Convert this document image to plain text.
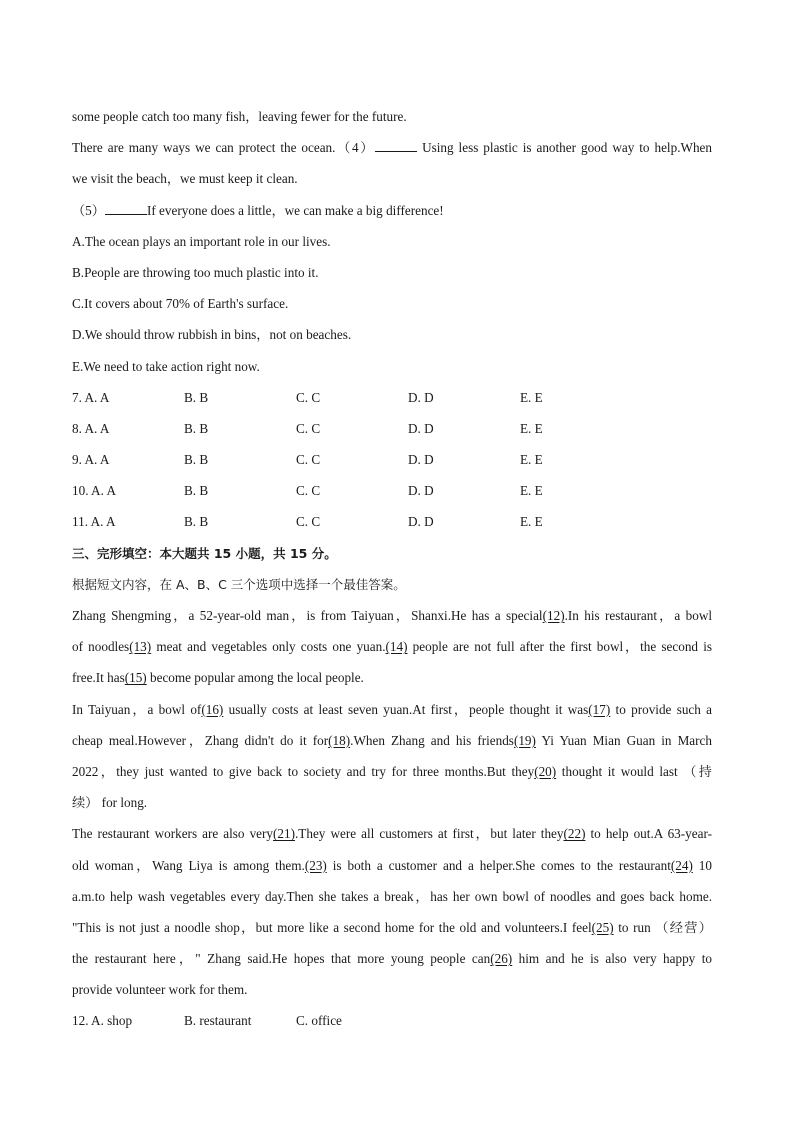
some people catch too many fish，leaving fewer for the future.
There are many ways we can protect the ocean.（4）	Using less plastic is another good way to help.When
we visit the beach，we must keep it clean.
（5）	If everyone does a little，we can make a big difference!
A.The ocean plays an important role in our lives.
B.People are throwing too much plastic into it.
C.It covers about 70% of Earth's surface.
D.We should throw rubbish in bins，not on beaches.
E.We need to take action right now.
7. A. A	B. B	C. C	D. D	E. E
8. A. A	B. B	C. C	D. D	E. E
9. A. A	B. B	C. C	D. D	E. E
10. A. A	B. B	C. C	D. D	E. E
11. A. A	B. B	C. C	D. D	E. E
三、完形填空：本大题共 15 小题，共 15 分。
根据短文内容，在 A、B、C 三个选项中选择一个最佳答案。
Zhang Shengming，a 52-year-old man，is from Taiyuan，Shanxi.He has a special(12).In his restaurant，a bowl
of noodles(13) meat and vegetables only costs one yuan.(14) people are not full after the first bowl，the second is
free.It has(15) become popular among the local people.
In Taiyuan，a bowl of(16) usually costs at least seven yuan.At first，people thought it was(17) to provide such a
cheap meal.However，Zhang didn't do it for(18).When Zhang and his friends(19) Yi Yuan Mian Guan in March
2022，they just wanted to give back to society and try for three months.But they(20) thought it would last （持
续） for long.
The restaurant workers are also very(21).They were all customers at first，but later they(22) to help out.A 63-year-
old woman，Wang Liya is among them.(23) is both a customer and a helper.She comes to the restaurant(24) 10
a.m.to help wash vegetables every day.Then she takes a break，has her own bowl of noodles and goes back home.
"This is not just a noodle shop，but more like a second home for the old and volunteers.I feel(25) to run （经营）
the restaurant here，" Zhang said.He hopes that more young people can(26) him and he is also very happy to
provide volunteer work for them.
12. A. shop	B. restaurant	C. office
